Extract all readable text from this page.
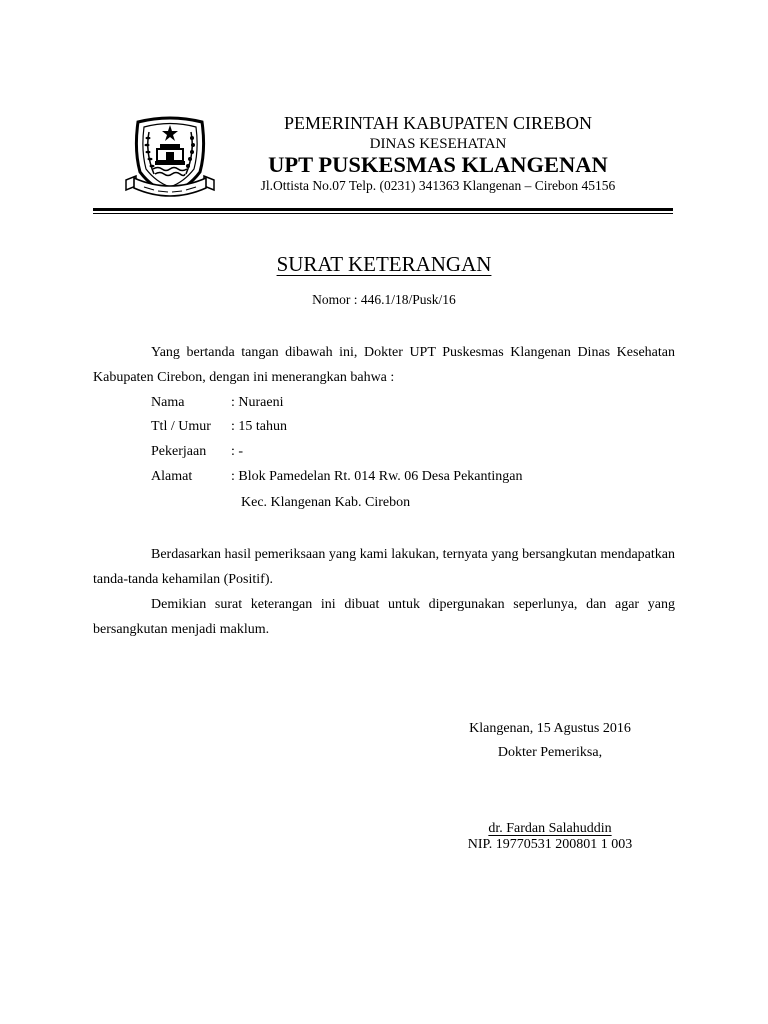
PEMERINTAH KABUPATEN CIREBON
DINAS KESEHATAN
UPT PUSKESMAS KLANGENAN
Jl.Ottista No.07 Telp. (0231) 341363 Klangenan – Cirebon 45156
SURAT KETERANGAN
Nomor : 446.1/18/Pusk/16
Yang bertanda tangan dibawah ini, Dokter UPT Puskesmas Klangenan Dinas Kesehatan Kabupaten Cirebon, dengan ini menerangkan bahwa :
Nama	: Nuraeni
Ttl / Umur : 15 tahun
Pekerjaan : -
Alamat	: Blok Pamedelan Rt. 014 Rw. 06 Desa Pekantingan
Kec. Klangenan Kab. Cirebon
Berdasarkan hasil pemeriksaan yang kami lakukan, ternyata yang bersangkutan mendapatkan tanda-tanda kehamilan (Positif).
Demikian surat keterangan ini dibuat untuk dipergunakan seperlunya, dan agar yang bersangkutan menjadi maklum.
Klangenan, 15 Agustus 2016
Dokter Pemeriksa,
dr. Fardan Salahuddin
NIP. 19770531 200801 1 003
